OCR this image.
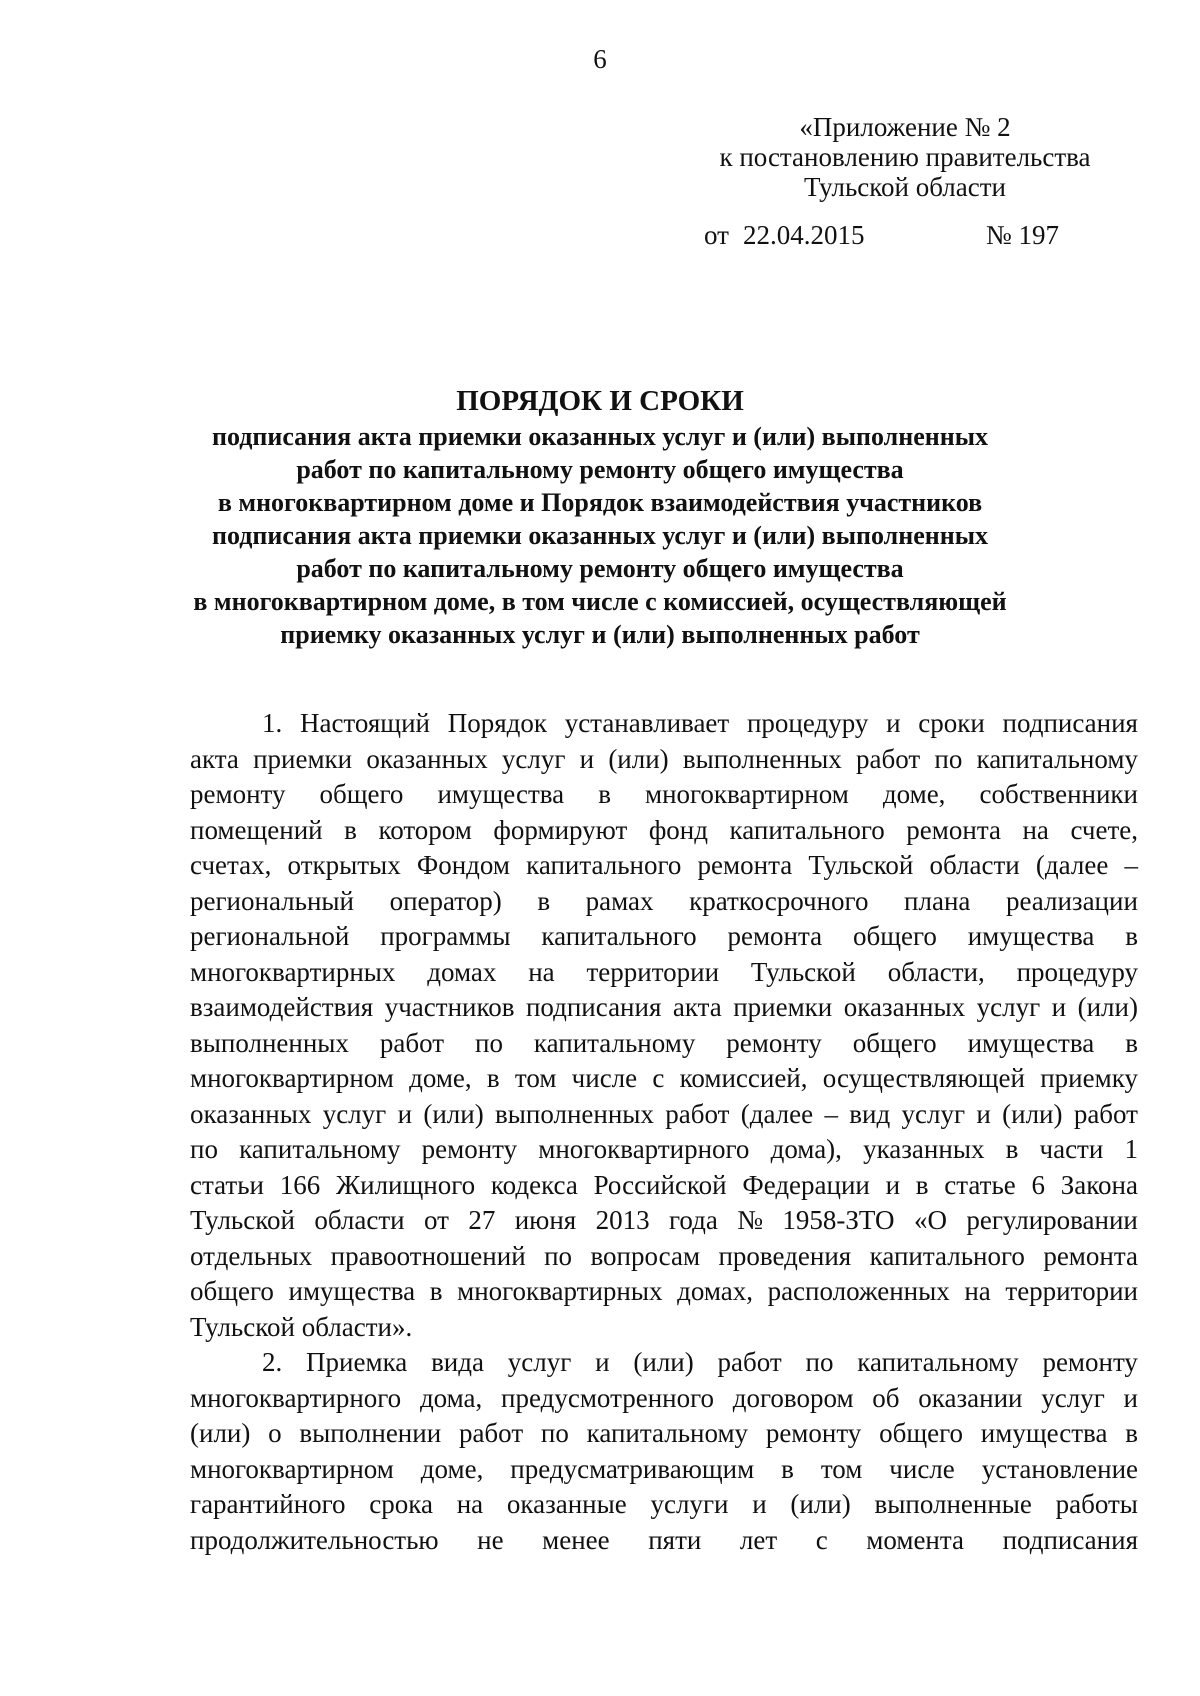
6
«Приложение № 2
к постановлению правительства
Тульской области
от 22.04.2015	№ 197
ПОРЯДОК И СРОКИ
подписания акта приемки оказанных услуг и (или) выполненных
работ по капитальному ремонту общего имущества
в многоквартирном доме и Порядок взаимодействия участников
подписания акта приемки оказанных услуг и (или) выполненных
работ по капитальному ремонту общего имущества
в многоквартирном доме, в том числе с комиссией, осуществляющей
приемку оказанных услуг и (или) выполненных работ
1. Настоящий Порядок устанавливает процедуру и сроки подписания
акта приемки оказанных услуг и (или) выполненных работ по капитальному
ремонту общего имущества в многоквартирном доме, собственники
помещений в котором формируют фонд капитального ремонта на счете,
счетах, открытых Фондом капитального ремонта Тульской области (далее –
региональный оператор) в рамах краткосрочного плана реализации
региональной программы капитального ремонта общего имущества в
многоквартирных домах на территории Тульской области, процедуру
взаимодействия участников подписания акта приемки оказанных услуг и (или)
выполненных работ по капитальному ремонту общего имущества в
многоквартирном доме, в том числе с комиссией, осуществляющей приемку
оказанных услуг и (или) выполненных работ (далее – вид услуг и (или) работ
по капитальному ремонту многоквартирного дома), указанных в части 1
статьи 166 Жилищного кодекса Российской Федерации и в статье 6 Закона
Тульской области от 27 июня 2013 года № 1958-ЗТО «О регулировании
отдельных правоотношений по вопросам проведения капитального ремонта
общего имущества в многоквартирных домах, расположенных на территории
Тульской области».
2. Приемка вида услуг и (или) работ по капитальному ремонту
многоквартирного дома, предусмотренного договором об оказании услуг и
(или) о выполнении работ по капитальному ремонту общего имущества в
многоквартирном доме, предусматривающим в том числе установление
гарантийного срока на оказанные услуги и (или) выполненные работы
продолжительностью не менее пяти лет с момента подписания
